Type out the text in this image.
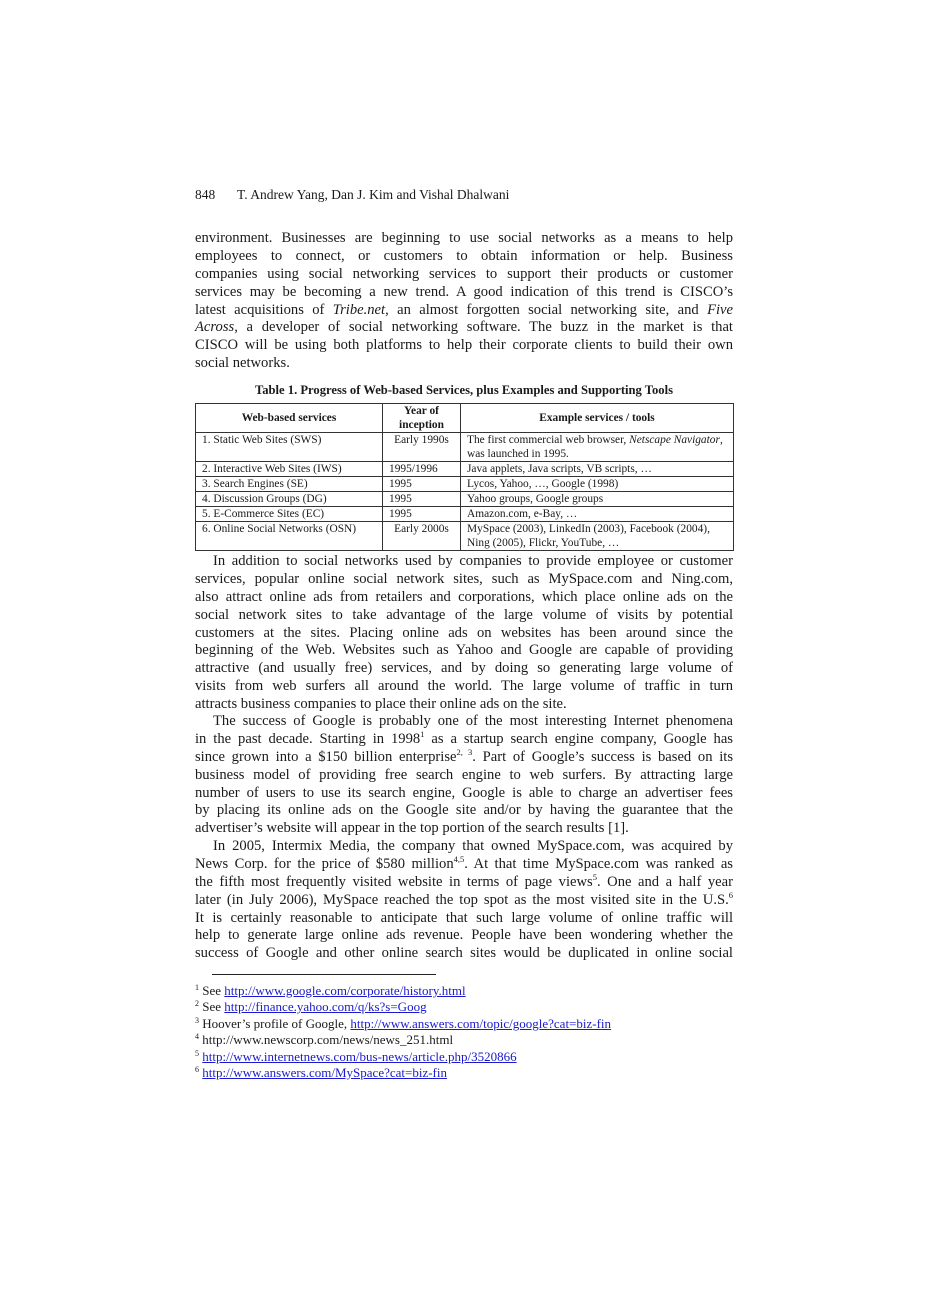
848 T. Andrew Yang, Dan J. Kim and Vishal Dhalwani
environment. Businesses are beginning to use social networks as a means to help
employees to connect, or customers to obtain information or help. Business
companies using social networking services to support their products or customer
services may be becoming a new trend. A good indication of this trend is CISCO’s
latest acquisitions of Tribe.net, an almost forgotten social networking site, and Five
Across, a developer of social networking software. The buzz in the market is that
CISCO will be using both platforms to help their corporate clients to build their own
social networks.
Table 1. Progress of Web-based Services, plus Examples and Supporting Tools
Web-based services	Year of inception	Example services / tools
1. Static Web Sites (SWS)	Early 1990s	The first commercial web browser, Netscape Navigator, was launched in 1995.
2. Interactive Web Sites (IWS)	1995/1996	Java applets, Java scripts, VB scripts, …
3. Search Engines (SE)	1995	Lycos, Yahoo, …, Google (1998)
4. Discussion Groups (DG)	1995	Yahoo groups, Google groups
5. E-Commerce Sites (EC)	1995	Amazon.com, e-Bay, …
6. Online Social Networks (OSN)	Early 2000s	MySpace (2003), LinkedIn (2003), Facebook (2004), Ning (2005), Flickr, YouTube, …
In addition to social networks used by companies to provide employee or customer
services, popular online social network sites, such as MySpace.com and Ning.com,
also attract online ads from retailers and corporations, which place online ads on the
social network sites to take advantage of the large volume of visits by potential
customers at the sites. Placing online ads on websites has been around since the
beginning of the Web. Websites such as Yahoo and Google are capable of providing
attractive (and usually free) services, and by doing so generating large volume of
visits from web surfers all around the world. The large volume of traffic in turn
attracts business companies to place their online ads on the site.
The success of Google is probably one of the most interesting Internet phenomena
in the past decade. Starting in 1998$^1$ as a startup search engine company, Google has
since grown into a $150 billion enterprise$^{2, 3}$. Part of Google’s success is based on its
business model of providing free search engine to web surfers. By attracting large
number of users to use its search engine, Google is able to charge an advertiser fees
by placing its online ads on the Google site and/or by having the guarantee that the
advertiser’s website will appear in the top portion of the search results [1].
In 2005, Intermix Media, the company that owned MySpace.com, was acquired by
News Corp. for the price of $580 million$^{4,5}$. At that time MySpace.com was ranked as
the fifth most frequently visited website in terms of page views$^5$. One and a half year
later (in July 2006), MySpace reached the top spot as the most visited site in the U.S.$^6$
It is certainly reasonable to anticipate that such large volume of online traffic will
help to generate large online ads revenue. People have been wondering whether the
success of Google and other online search sites would be duplicated in online social
$^1$ See http://www.google.com/corporate/history.html
$^2$ See http://finance.yahoo.com/q/ks?s=Goog
$^3$ Hoover’s profile of Google, http://www.answers.com/topic/google?cat=biz-fin
$^4$ http://www.newscorp.com/news/news_251.html
$^5$ http://www.internetnews.com/bus-news/article.php/3520866
$^6$ http://www.answers.com/MySpace?cat=biz-fin
